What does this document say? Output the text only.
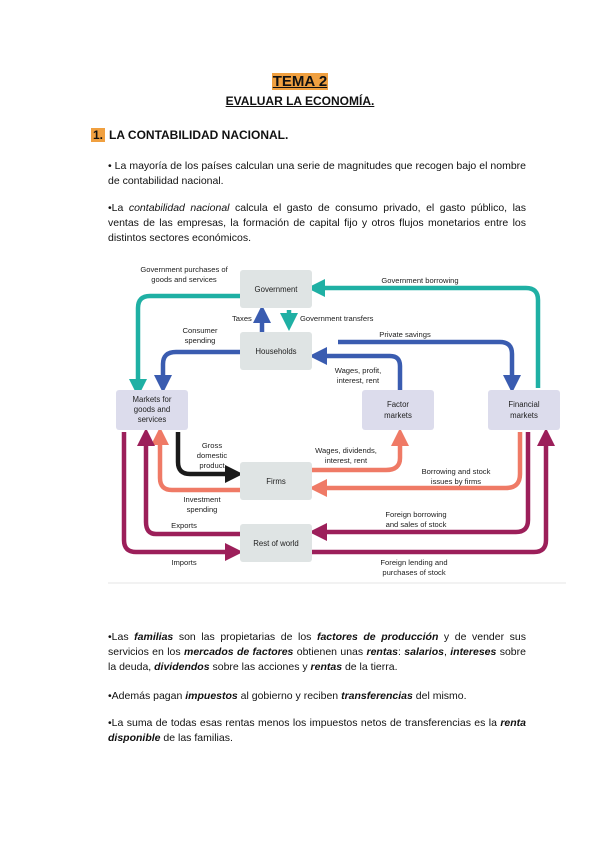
TEMA 2
EVALUAR LA ECONOMÍA.
1. LA CONTABILIDAD NACIONAL.
• La mayoría de los países calculan una serie de magnitudes que recogen bajo el nombre de contabilidad nacional.
•La contabilidad nacional calcula el gasto de consumo privado, el gasto público, las ventas de las empresas, la formación de capital fijo y otros flujos monetarios entre los distintos sectores económicos.
Government
Households
Markets for
goods and
services
Factor
markets
Financial
markets
Firms
Rest of world
Government purchases of
goods and services	Government borrowing
Taxes	Government transfers
Consumer
spending
Private savings
Wages, profit,
interest, rent
Gross
domestic
product
Wages, dividends,
interest, rent
Borrowing and stock
issues by firms
Investment
spending
Foreign borrowing
and sales of stock
Exports
Imports	Foreign lending and
purchases of stock
•Las familias son las propietarias de los factores de producción y de vender sus servicios en los mercados de factores obtienen unas rentas: salarios, intereses sobre la deuda, dividendos sobre las acciones y rentas de la tierra.
•Además pagan impuestos al gobierno y reciben transferencias del mismo.
•La suma de todas esas rentas menos los impuestos netos de transferencias es la renta disponible de las familias.
